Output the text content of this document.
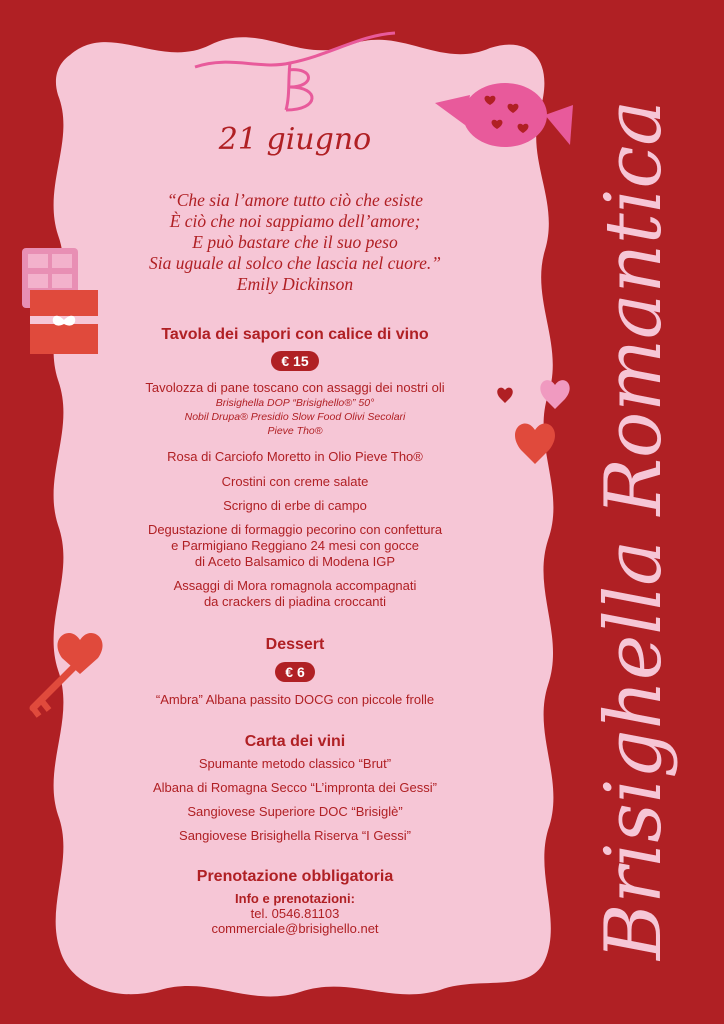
Brisighella Romantica
21 giugno
“Che sia l’amore tutto ciò che esiste
È ciò che noi sappiamo dell’amore;
E può bastare che il suo peso
Sia uguale al solco che lascia nel cuore.”
Emily Dickinson
Tavola dei sapori con calice di vino
€ 15
Tavolozza di pane toscano con assaggi dei nostri oli
Brisighella DOP “Brisighello®” 50°
Nobil Drupa® Presidio Slow Food Olivi Secolari
Pieve Tho®
Rosa di Carciofo Moretto in Olio Pieve Tho®
Crostini con creme salate
Scrigno di erbe di campo
Degustazione di formaggio pecorino con confettura
e Parmigiano Reggiano 24 mesi con gocce
di Aceto Balsamico di Modena IGP
Assaggi di Mora romagnola accompagnati
da crackers di piadina croccanti
Dessert
€ 6
“Ambra” Albana passito DOCG con piccole frolle
Carta dei vini
Spumante metodo classico “Brut”
Albana di Romagna Secco “L’impronta dei Gessi”
Sangiovese Superiore DOC “Brisiglè”
Sangiovese Brisighella Riserva “I Gessi”
Prenotazione obbligatoria
Info e prenotazioni:
tel. 0546.81103
commerciale@brisighello.net
